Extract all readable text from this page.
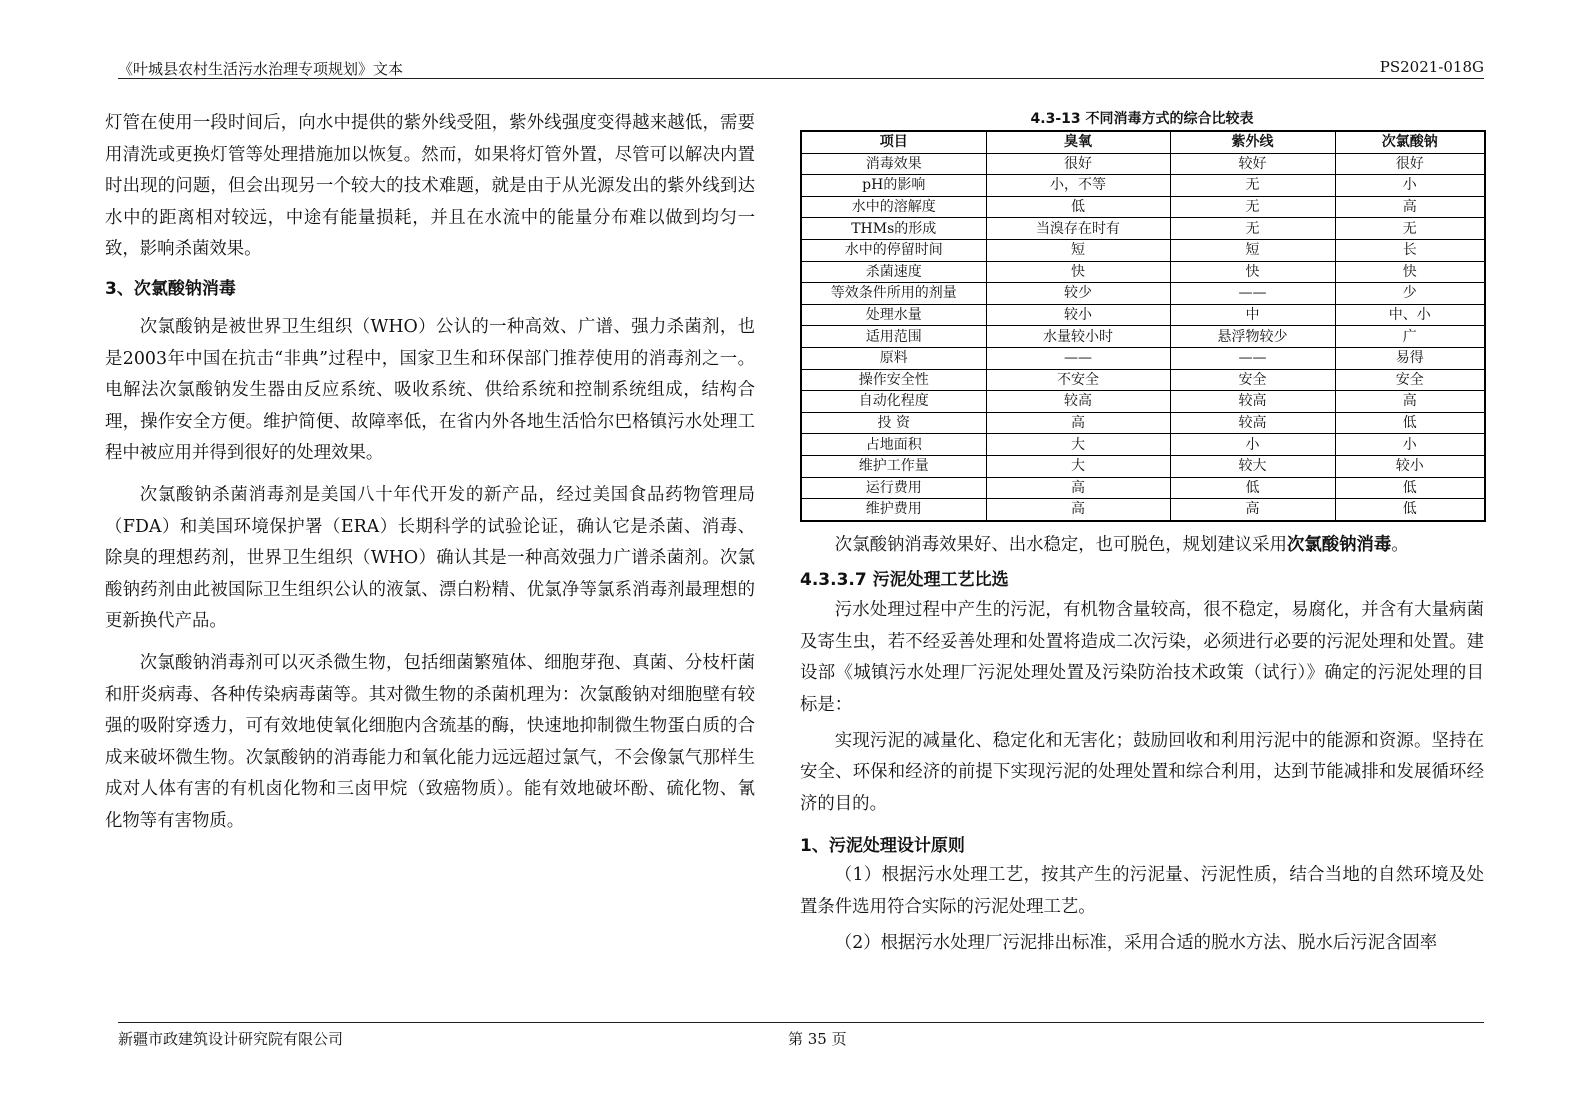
《叶城县农村生活污水治理专项规划》文本	PS2021-018G

灯管在使用一段时间后，向水中提供的紫外线受阻，紫外线强度变得越来越低，需要用清洗或更换灯管等处理措施加以恢复。然而，如果将灯管外置，尽管可以解决内置时出现的问题，但会出现另一个较大的技术难题，就是由于从光源发出的紫外线到达水中的距离相对较远，中途有能量损耗，并且在水流中的能量分布难以做到均匀一致，影响杀菌效果。

3、次氯酸钠消毒

次氯酸钠是被世界卫生组织（WHO）公认的一种高效、广谱、强力杀菌剂，也是2003年中国在抗击“非典”过程中，国家卫生和环保部门推荐使用的消毒剂之一。电解法次氯酸钠发生器由反应系统、吸收系统、供给系统和控制系统组成，结构合理，操作安全方便。维护简便、故障率低，在省内外各地生活恰尔巴格镇污水处理工程中被应用并得到很好的处理效果。

次氯酸钠杀菌消毒剂是美国八十年代开发的新产品，经过美国食品药物管理局（FDA）和美国环境保护署（ERA）长期科学的试验论证，确认它是杀菌、消毒、除臭的理想药剂，世界卫生组织（WHO）确认其是一种高效强力广谱杀菌剂。次氯酸钠药剂由此被国际卫生组织公认的液氯、漂白粉精、优氯净等氯系消毒剂最理想的更新换代产品。

次氯酸钠消毒剂可以灭杀微生物，包括细菌繁殖体、细胞芽孢、真菌、分枝杆菌和肝炎病毒、各种传染病毒菌等。其对微生物的杀菌机理为：次氯酸钠对细胞壁有较强的吸附穿透力，可有效地使氧化细胞内含巯基的酶，快速地抑制微生物蛋白质的合成来破坏微生物。次氯酸钠的消毒能力和氧化能力远远超过氯气，不会像氯气那样生成对人体有害的有机卤化物和三卤甲烷（致癌物质）。能有效地破坏酚、硫化物、氰化物等有害物质。

4.3-13 不同消毒方式的综合比较表
项目	臭氧	紫外线	次氯酸钠
消毒效果	很好	较好	很好
pH的影响	小，不等	无	小
水中的溶解度	低	无	高
THMs的形成	当溴存在时有	无	无
水中的停留时间	短	短	长
杀菌速度	快	快	快
等效条件所用的剂量	较少	——	少
处理水量	较小	中	中、小
适用范围	水量较小时	悬浮物较少	广
原料	——	——	易得
操作安全性	不安全	安全	安全
自动化程度	较高	较高	高
投 资	高	较高	低
占地面积	大	小	小
维护工作量	大	较大	较小
运行费用	高	低	低
维护费用	高	高	低

次氯酸钠消毒效果好、出水稳定，也可脱色，规划建议采用次氯酸钠消毒。

4.3.3.7 污泥处理工艺比选

污水处理过程中产生的污泥，有机物含量较高，很不稳定，易腐化，并含有大量病菌及寄生虫，若不经妥善处理和处置将造成二次污染，必须进行必要的污泥处理和处置。建设部《城镇污水处理厂污泥处理处置及污染防治技术政策（试行）》确定的污泥处理的目标是：

实现污泥的减量化、稳定化和无害化；鼓励回收和利用污泥中的能源和资源。坚持在安全、环保和经济的前提下实现污泥的处理处置和综合利用，达到节能减排和发展循环经济的目的。

1、污泥处理设计原则

（1）根据污水处理工艺，按其产生的污泥量、污泥性质，结合当地的自然环境及处置条件选用符合实际的污泥处理工艺。

（2）根据污水处理厂污泥排出标准，采用合适的脱水方法、脱水后污泥含固率

新疆市政建筑设计研究院有限公司	第 35 页
